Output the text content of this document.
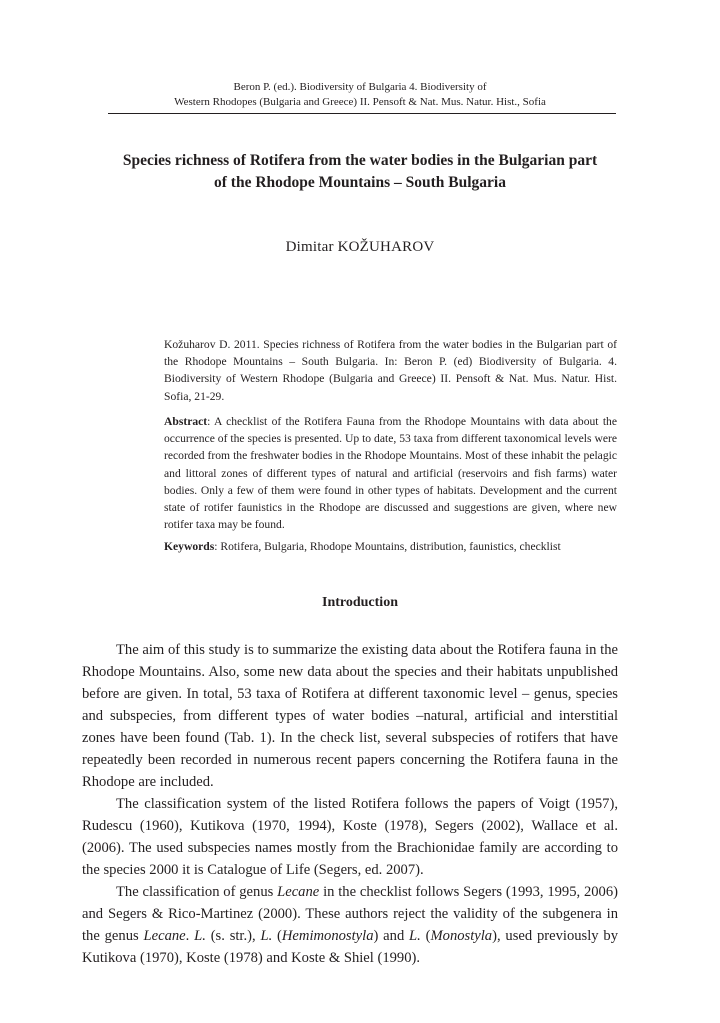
Beron P. (ed.). Biodiversity of Bulgaria 4. Biodiversity of
Western Rhodopes (Bulgaria and Greece) II. Pensoft & Nat. Mus. Natur. Hist., Sofia
Species richness of Rotifera from the water bodies in the Bulgarian part
of the Rhodope Mountains – South Bulgaria
Dimitar KOŽUHAROV
Kožuharov D. 2011. Species richness of Rotifera from the water bodies in the Bulgarian part of the Rhodope Mountains – South Bulgaria. In: Beron P. (ed) Biodiversity of Bulgaria. 4. Biodiversity of Western Rhodope (Bulgaria and Greece) II. Pensoft & Nat. Mus. Natur. Hist. Sofia, 21-29.
Abstract: A checklist of the Rotifera Fauna from the Rhodope Mountains with data about the occurrence of the species is presented. Up to date, 53 taxa from different taxonomical levels were recorded from the freshwater bodies in the Rhodope Mountains. Most of these inhabit the pelagic and littoral zones of different types of natural and artificial (reservoirs and fish farms) water bodies. Only a few of them were found in other types of habitats. Development and the current state of rotifer faunistics in the Rhodope are discussed and suggestions are given, where new rotifer taxa may be found.
Keywords: Rotifera, Bulgaria, Rhodope Mountains, distribution, faunistics, checklist
Introduction

The aim of this study is to summarize the existing data about the Rotifera fauna in the Rhodope Mountains. Also, some new data about the species and their habitats unpublished before are given. In total, 53 taxa of Rotifera at different taxonomic level – genus, species and subspecies, from different types of water bodies –natural, artificial and interstitial zones have been found (Tab. 1). In the check list, several subspecies of rotifers that have repeatedly been recorded in numerous recent papers concerning the Rotifera fauna in the Rhodope are included.

The classification system of the listed Rotifera follows the papers of Voigt (1957), Rudescu (1960), Kutikova (1970, 1994), Koste (1978), Segers (2002), Wallace et al. (2006). The used subspecies names mostly from the Brachionidae family are according to the species 2000 it is Catalogue of Life (Segers, ed. 2007).

The classification of genus Lecane in the checklist follows Segers (1993, 1995, 2006) and Segers & Rico-Martinez (2000). These authors reject the validity of the subgenera in the genus Lecane. L. (s. str.), L. (Hemimonostyla) and L. (Monostyla), used previously by Kutikova (1970), Koste (1978) and Koste & Shiel (1990).
